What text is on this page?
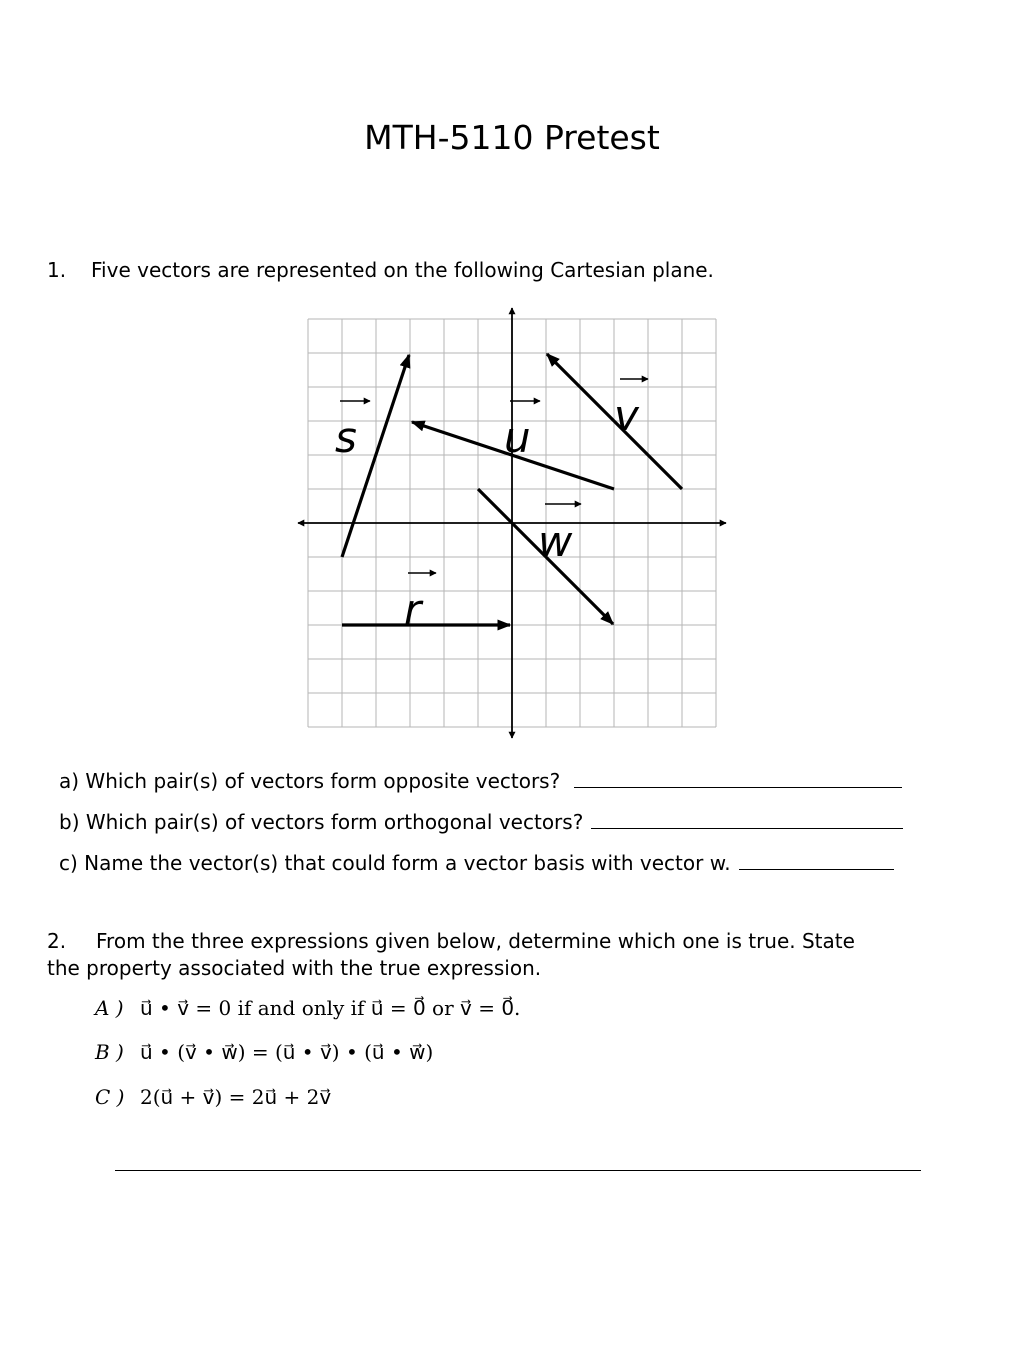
MTH-5110 Pretest
1. Five vectors are represented on the following Cartesian plane.
s	u v
w
r
a) Which pair(s) of vectors form opposite vectors?
b) Which pair(s) of vectors form orthogonal vectors?
c) Name the vector(s) that could form a vector basis with vector w.
2. From the three expressions given below, determine which one is true. State
the property associated with the true expression.
A ) u⃗ • v⃗ = 0 if and only if u⃗ = 0⃗ or v⃗ = 0⃗.
B ) u⃗ • (v⃗ • w⃗) = (u⃗ • v⃗) • (u⃗ • w⃗)
C ) 2(u⃗ + v⃗) = 2u⃗ + 2v⃗
